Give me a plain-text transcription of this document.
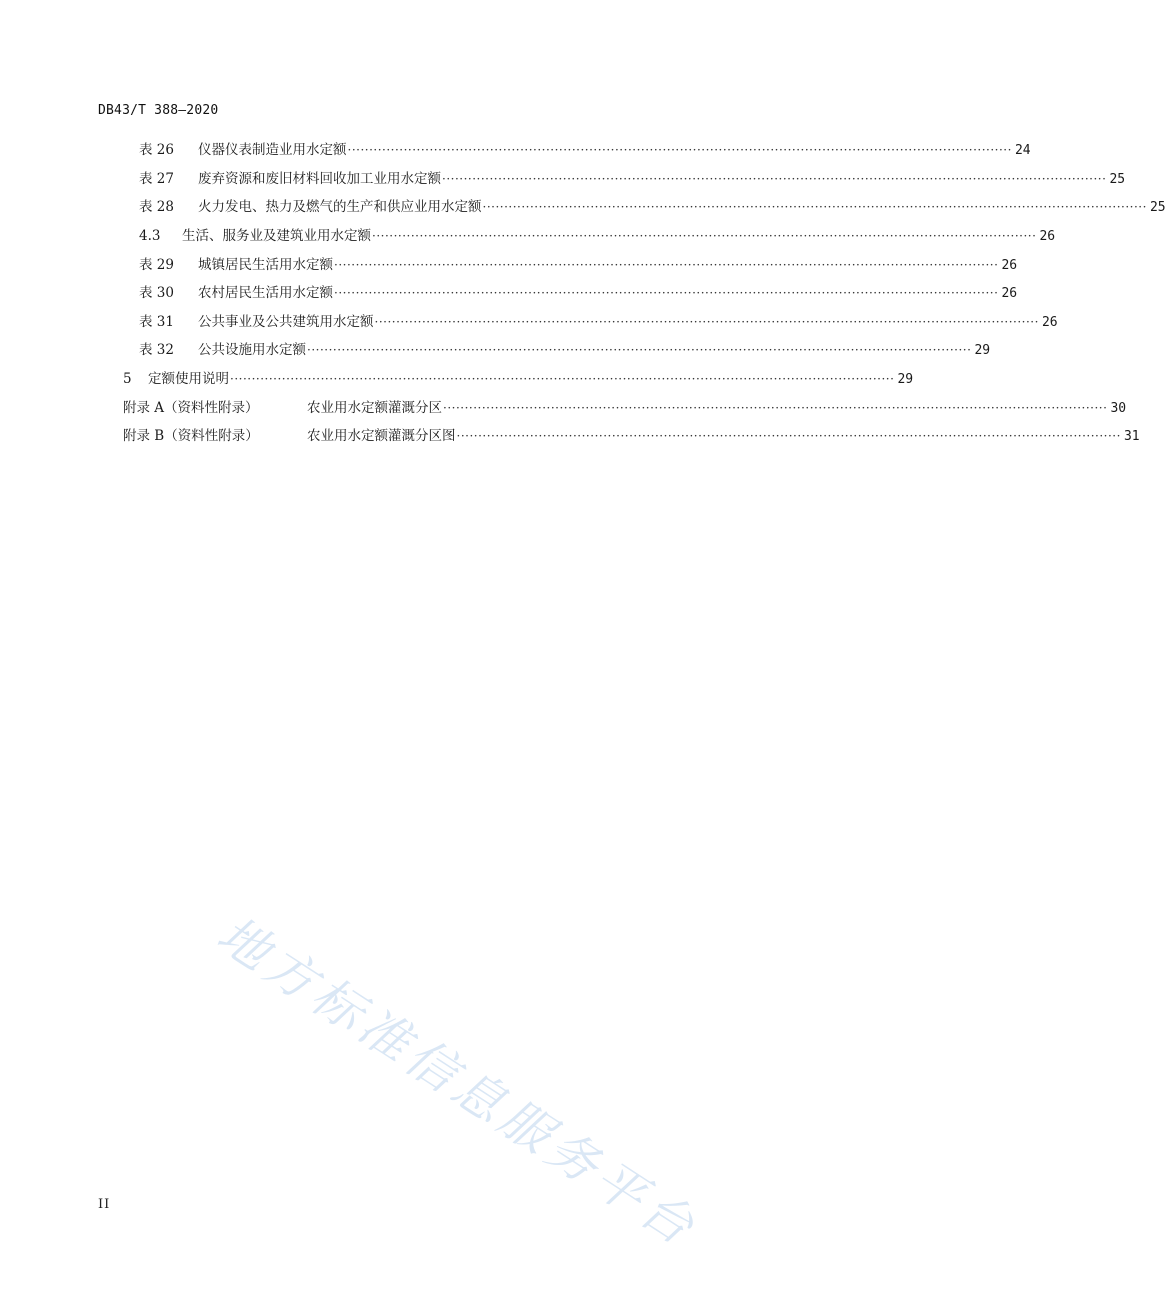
DB43/T 388—2020
表 26	仪器仪表制造业用水定额 ·························································································································································· 24
表 27	废弃资源和废旧材料回收加工业用水定额 ·························································································································································· 25
表 28	火力发电、热力及燃气的生产和供应业用水定额 ·························································································································································· 25
4.3	生活、服务业及建筑业用水定额 ·························································································································································· 26
表 29	城镇居民生活用水定额 ·························································································································································· 26
表 30	农村居民生活用水定额 ·························································································································································· 26
表 31	公共事业及公共建筑用水定额 ·························································································································································· 26
表 32	公共设施用水定额 ·························································································································································· 29
5	定额使用说明 ·························································································································································· 29
附录 A（资料性附录）	农业用水定额灌溉分区 ·························································································································································· 30
附录 B（资料性附录）	农业用水定额灌溉分区图 ·························································································································································· 31
地方标准信息服务平台
II
